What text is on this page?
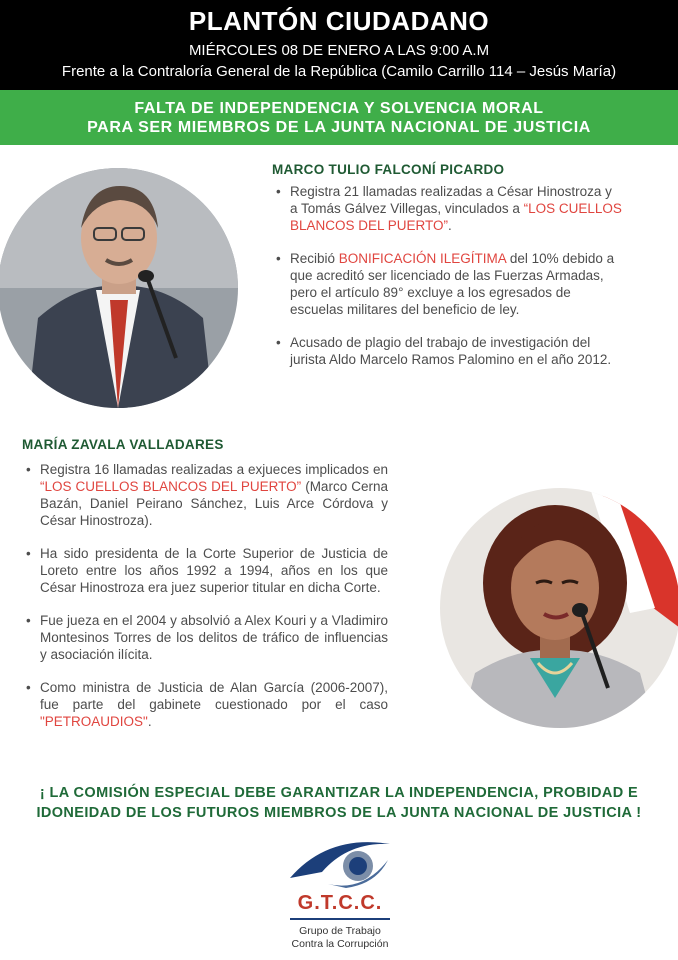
PLANTÓN CIUDADANO
MIÉRCOLES 08 DE ENERO A LAS 9:00 A.M
Frente a la Contraloría General de la República (Camilo Carrillo 114 – Jesús María)
FALTA DE INDEPENDENCIA Y SOLVENCIA MORAL
PARA SER MIEMBROS DE LA JUNTA NACIONAL DE JUSTICIA
MARCO TULIO FALCONÍ PICARDO
• Registra 21 llamadas realizadas a César Hinostroza y a Tomás Gálvez Villegas, vinculados a “LOS CUELLOS BLANCOS DEL PUERTO”.
• Recibió BONIFICACIÓN ILEGÍTIMA del 10% debido a que acreditó ser licenciado de las Fuerzas Armadas, pero el artículo 89° excluye a los egresados de escuelas militares del beneficio de ley.
• Acusado de plagio del trabajo de investigación del jurista Aldo Marcelo Ramos Palomino en el año 2012.
MARÍA ZAVALA VALLADARES
• Registra 16 llamadas realizadas a exjueces implicados en “LOS CUELLOS BLANCOS DEL PUERTO” (Marco Cerna Bazán, Daniel Peirano Sánchez, Luis Arce Córdova y César Hinostroza).
• Ha sido presidenta de la Corte Superior de Justicia de Loreto entre los años 1992 a 1994, años en los que César Hinostroza era juez superior titular en dicha Corte.
• Fue jueza en el 2004 y absolvió a Alex Kouri y a Vladimiro Montesinos Torres de los delitos de tráfico de influencias y asociación ilícita.
• Como ministra de Justicia de Alan García (2006-2007), fue parte del gabinete cuestionado por el caso "PETROAUDIOS".
¡ LA COMISIÓN ESPECIAL DEBE GARANTIZAR LA INDEPENDENCIA, PROBIDAD E
IDONEIDAD DE LOS FUTUROS MIEMBROS DE LA JUNTA NACIONAL DE JUSTICIA !
G.T.C.C.
Grupo de Trabajo
Contra la Corrupción
